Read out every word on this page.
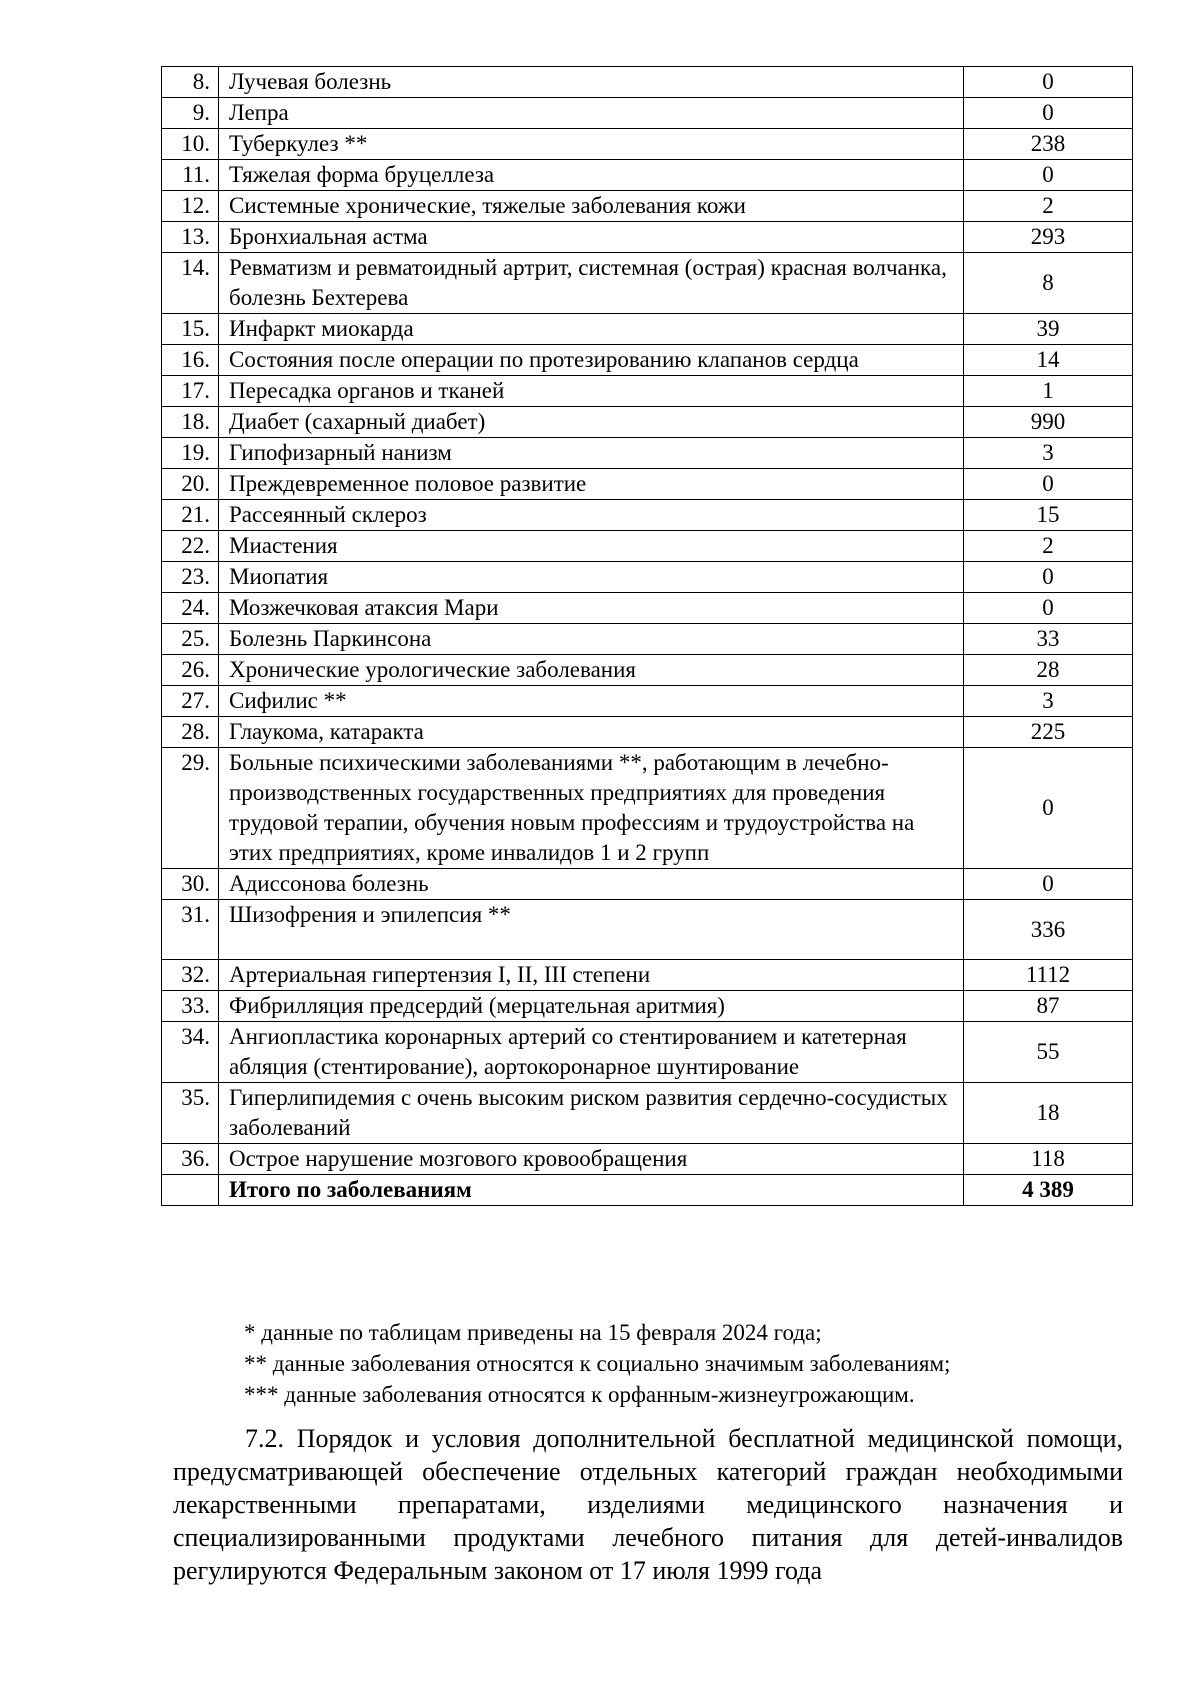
8.	Лучевая болезнь	0
9.	Лепра	0
10.	Туберкулез **	238
11.	Тяжелая форма бруцеллеза	0
12.	Системные хронические, тяжелые заболевания кожи	2
13.	Бронхиальная астма	293
14.	Ревматизм и ревматоидный артрит, системная (острая) красная волчанка, болезнь Бехтерева	8
15.	Инфаркт миокарда	39
16.	Состояния после операции по протезированию клапанов сердца	14
17.	Пересадка органов и тканей	1
18.	Диабет (сахарный диабет)	990
19.	Гипофизарный нанизм	3
20.	Преждевременное половое развитие	0
21.	Рассеянный склероз	15
22.	Миастения	2
23.	Миопатия	0
24.	Мозжечковая атаксия Мари	0
25.	Болезнь Паркинсона	33
26.	Хронические урологические заболевания	28
27.	Сифилис **	3
28.	Глаукома, катаракта	225
29.	Больные психическими заболеваниями **, работающим в лечебно-производственных государственных предприятиях для проведения трудовой терапии, обучения новым профессиям и трудоустройства на этих предприятиях, кроме инвалидов 1 и 2 групп	0
30.	Адиссонова болезнь	0
31.	Шизофрения и эпилепсия **	336
32.	Артериальная гипертензия I, II, III степени	1112
33.	Фибрилляция предсердий (мерцательная аритмия)	87
34.	Ангиопластика коронарных артерий со стентированием и катетерная абляция (стентирование), аортокоронарное шунтирование	55
35.	Гиперлипидемия с очень высоким риском развития сердечно-сосудистых заболеваний	18
36.	Острое нарушение мозгового кровообращения	118
	Итого по заболеваниям	4 389
* данные по таблицам приведены на 15 февраля 2024 года;
** данные заболевания относятся к социально значимым заболеваниям;
*** данные заболевания относятся к орфанным-жизнеугрожающим.
7.2. Порядок и условия дополнительной бесплатной медицинской помощи, предусматривающей обеспечение отдельных категорий граждан необходимыми лекарственными препаратами, изделиями медицинского назначения и специализированными продуктами лечебного питания для детей-инвалидов регулируются Федеральным законом от 17 июля 1999 года
